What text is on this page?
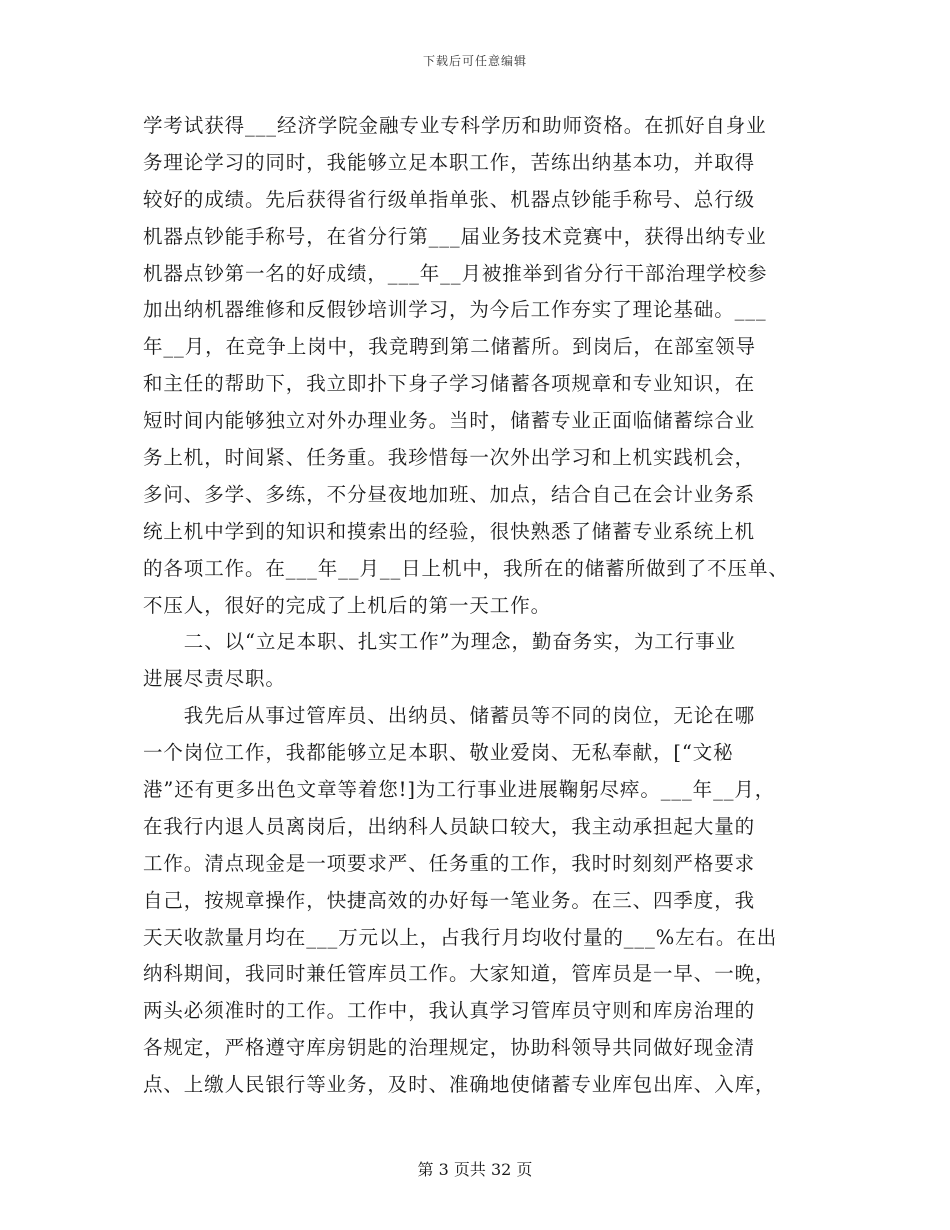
下载后可任意编辑
学考试获得___经济学院金融专业专科学历和助师资格。在抓好自身业
务理论学习的同时，我能够立足本职工作，苦练出纳基本功，并取得
较好的成绩。先后获得省行级单指单张、机器点钞能手称号、总行级
机器点钞能手称号，在省分行第___届业务技术竞赛中，获得出纳专业
机器点钞第一名的好成绩，___年__月被推举到省分行干部治理学校参
加出纳机器维修和反假钞培训学习，为今后工作夯实了理论基础。___
年__月，在竞争上岗中，我竞聘到第二储蓄所。到岗后，在部室领导
和主任的帮助下，我立即扑下身子学习储蓄各项规章和专业知识，在
短时间内能够独立对外办理业务。当时，储蓄专业正面临储蓄综合业
务上机，时间紧、任务重。我珍惜每一次外出学习和上机实践机会，
多问、多学、多练，不分昼夜地加班、加点，结合自己在会计业务系
统上机中学到的知识和摸索出的经验，很快熟悉了储蓄专业系统上机
的各项工作。在___年__月__日上机中，我所在的储蓄所做到了不压单、
不压人，很好的完成了上机后的第一天工作。
　　二、以“立足本职、扎实工作”为理念，勤奋务实，为工行事业
进展尽责尽职。
　　我先后从事过管库员、出纳员、储蓄员等不同的岗位，无论在哪
一个岗位工作，我都能够立足本职、敬业爱岗、无私奉献，[“文秘
港”还有更多出色文章等着您!]为工行事业进展鞠躬尽瘁。___年__月，
在我行内退人员离岗后，出纳科人员缺口较大，我主动承担起大量的
工作。清点现金是一项要求严、任务重的工作，我时时刻刻严格要求
自己，按规章操作，快捷高效的办好每一笔业务。在三、四季度，我
天天收款量月均在___万元以上，占我行月均收付量的___%左右。在出
纳科期间，我同时兼任管库员工作。大家知道，管库员是一早、一晚，
两头必须准时的工作。工作中，我认真学习管库员守则和库房治理的
各规定，严格遵守库房钥匙的治理规定，协助科领导共同做好现金清
点、上缴人民银行等业务，及时、准确地使储蓄专业库包出库、入库，
第 3 页共 32 页
